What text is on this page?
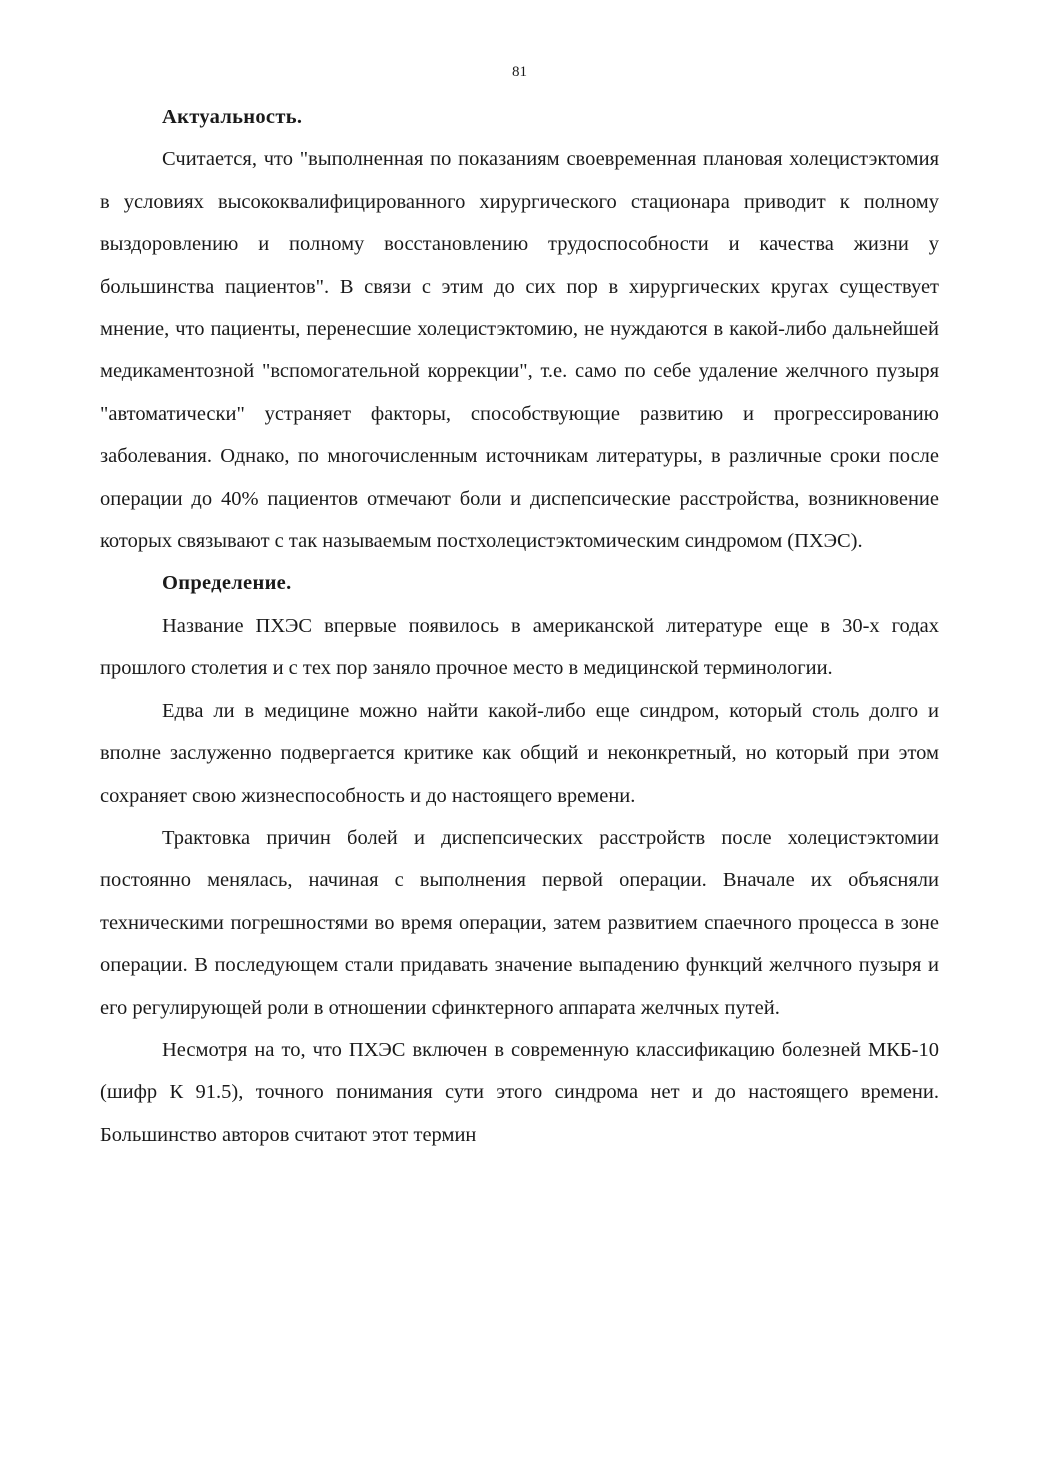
81

Актуальность.

Считается, что "выполненная по показаниям своевременная плановая холецистэктомия в условиях высококвалифицированного хирургического стационара приводит к полному выздоровлению и полному восстановлению трудоспособности и качества жизни у большинства пациентов". В связи с этим до сих пор в хирургических кругах существует мнение, что пациенты, перенесшие холецистэктомию, не нуждаются в какой-либо дальнейшей медикаментозной "вспомогательной коррекции", т.е. само по себе удаление желчного пузыря "автоматически" устраняет факторы, способствующие развитию и прогрессированию заболевания. Однако, по многочисленным источникам литературы, в различные сроки после операции до 40% пациентов отмечают боли и диспепсические расстройства, возникновение которых связывают с так называемым постхолецистэктомическим синдромом (ПХЭС).

Определение.

Название ПХЭС впервые появилось в американской литературе еще в 30-х годах прошлого столетия и с тех пор заняло прочное место в медицинской терминологии.

Едва ли в медицине можно найти какой-либо еще синдром, который столь долго и вполне заслуженно подвергается критике как общий и неконкретный, но который при этом сохраняет свою жизнеспособность и до настоящего времени.

Трактовка причин болей и диспепсических расстройств после холецистэктомии постоянно менялась, начиная с выполнения первой операции. Вначале их объясняли техническими погрешностями во время операции, затем развитием спаечного процесса в зоне операции. В последующем стали придавать значение выпадению функций желчного пузыря и его регулирующей роли в отношении сфинктерного аппарата желчных путей.

Несмотря на то, что ПХЭС включен в современную классификацию болезней МКБ-10 (шифр К 91.5), точного понимания сути этого синдрома нет и до настоящего времени. Большинство авторов считают этот термин
